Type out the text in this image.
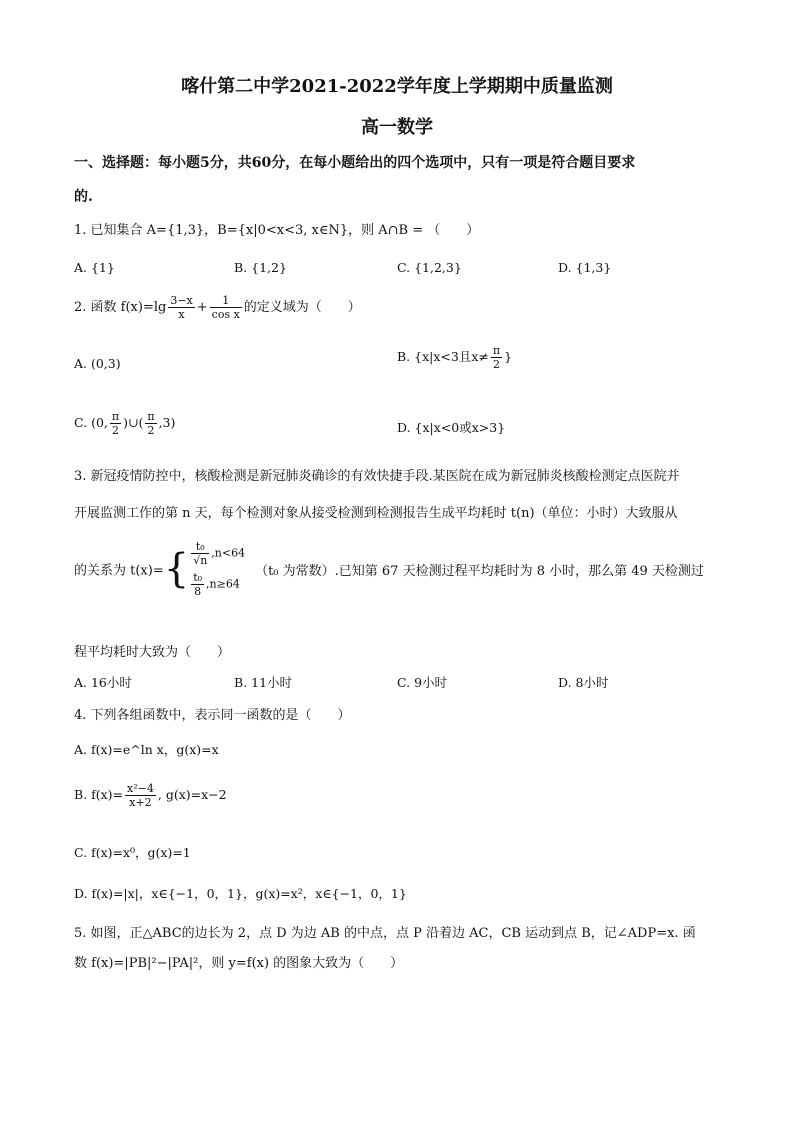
喀什第二中学2021-2022学年度上学期期中质量监测
高一数学
一、选择题：每小题5分，共60分，在每小题给出的四个选项中，只有一项是符合题目要求
的.
1. 已知集合 A={1,3}，B={x|0<x<3, x∈N}，则 A∩B = （　　）
A. {1}	B. {1,2}	C. {1,2,3}	D. {1,3}
2. 函数 $f(x)=\lg \frac{3-x}{x} + \frac{1}{\text{cos x}}$ 的定义域为（　　）
A. (0,3)	B. {x|x<3且$x\ne \frac{\pi}{2}$ }
C. (0, $\frac{\pi}{2}$ )∪( $\frac{\pi}{2} ,3$)	D. {x|x<0或x>3}
3. 新冠疫情防控中，核酸检测是新冠肺炎确诊的有效快捷手段.某医院在成为新冠肺炎核酸检测定点医院并
开展监测工作的第 n 天，每个检测对象从接受检测到检测报告生成平均耗时 t(n)（单位：小时）大致服从
的关系为 $t(x)=\{ \frac{\text{t₀}}{√n} ,n<64$
$\frac{\text{t₀}}{8} ,n\ge 64$
（t₀ 为常数）.已知第 67 天检测过程平均耗时为 8 小时，那么第 49 天检测过
程平均耗时大致为（　　）
A. 16小时	B. 11小时	C. 9小时	D. 8小时
4. 下列各组函数中，表示同一函数的是（　　）
A. f(x)=e^ln x，g(x)=x
B. $f(x)= \frac{\text{x²−4}}{x+2}$ , g(x)=x−2
C. f(x)=x⁰，g(x)=1
D. f(x)=|x|，x∈{−1，0，1}，g(x)=x²，x∈{−1，0，1}
5. 如图，正△ABC的边长为 2，点 D 为边 AB 的中点，点 P 沿着边 AC，CB 运动到点 B，记∠ADP=x. 函
数 f(x)=|PB|²−|PA|²，则 y=f(x) 的图象大致为（　　）
